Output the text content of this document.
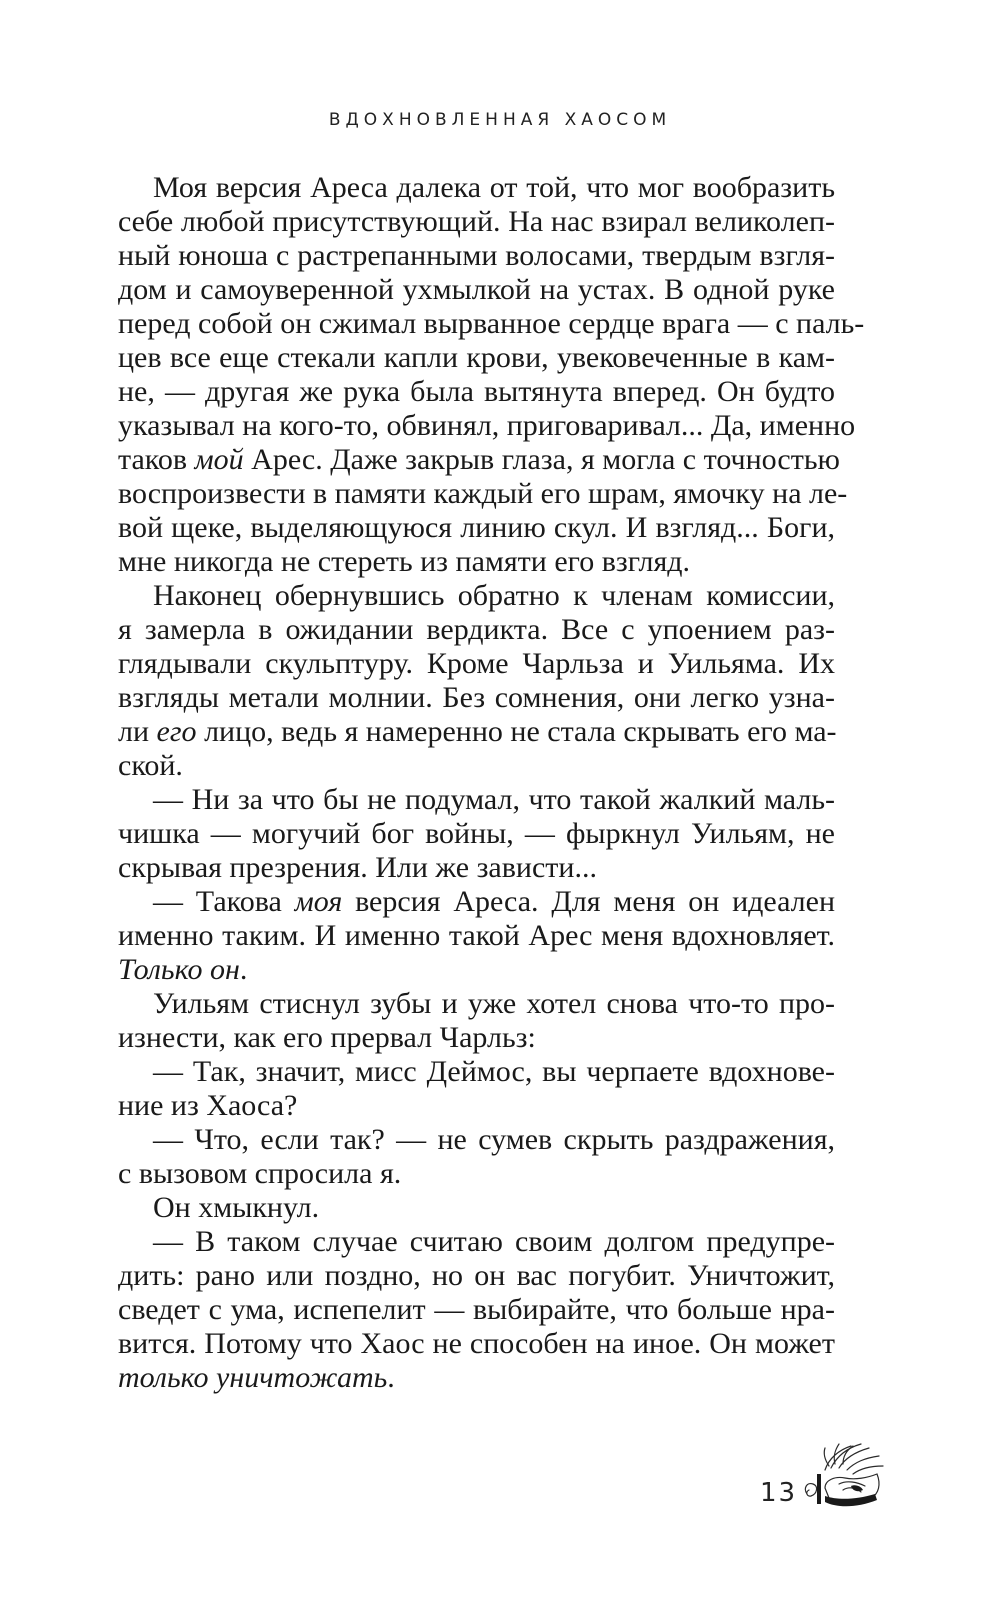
ВДОХНОВЛЕННАЯ ХАОСОМ
Моя версия Ареса далека от той, что мог вообразить
себе любой присутствующий. На нас взирал великолеп-
ный юноша с растрепанными волосами, твердым взгля-
дом и самоуверенной ухмылкой на устах. В одной руке
перед собой он сжимал вырванное сердце врага — с паль-
цев все еще стекали капли крови, увековеченные в кам-
не, — другая же рука была вытянута вперед. Он будто
указывал на кого-то, обвинял, приговаривал... Да, именно
таков мой Арес. Даже закрыв глаза, я могла с точностью
воспроизвести в памяти каждый его шрам, ямочку на ле-
вой щеке, выделяющуюся линию скул. И взгляд... Боги,
мне никогда не стереть из памяти его взгляд.
Наконец обернувшись обратно к членам комиссии,
я замерла в ожидании вердикта. Все с упоением раз-
глядывали скульптуру. Кроме Чарльза и Уильяма. Их
взгляды метали молнии. Без сомнения, они легко узна-
ли его лицо, ведь я намеренно не стала скрывать его ма-
ской.
— Ни за что бы не подумал, что такой жалкий маль-
чишка — могучий бог войны, — фыркнул Уильям, не
скрывая презрения. Или же зависти...
— Такова моя версия Ареса. Для меня он идеален
именно таким. И именно такой Арес меня вдохновляет.
Только он.
Уильям стиснул зубы и уже хотел снова что-то про-
изнести, как его прервал Чарльз:
— Так, значит, мисс Деймос, вы черпаете вдохнове-
ние из Хаоса?
— Что, если так? — не сумев скрыть раздражения,
с вызовом спросила я.
Он хмыкнул.
— В таком случае считаю своим долгом предупре-
дить: рано или поздно, но он вас погубит. Уничтожит,
сведет с ума, испепелит — выбирайте, что больше нра-
вится. Потому что Хаос не способен на иное. Он может
только уничтожать.
13
